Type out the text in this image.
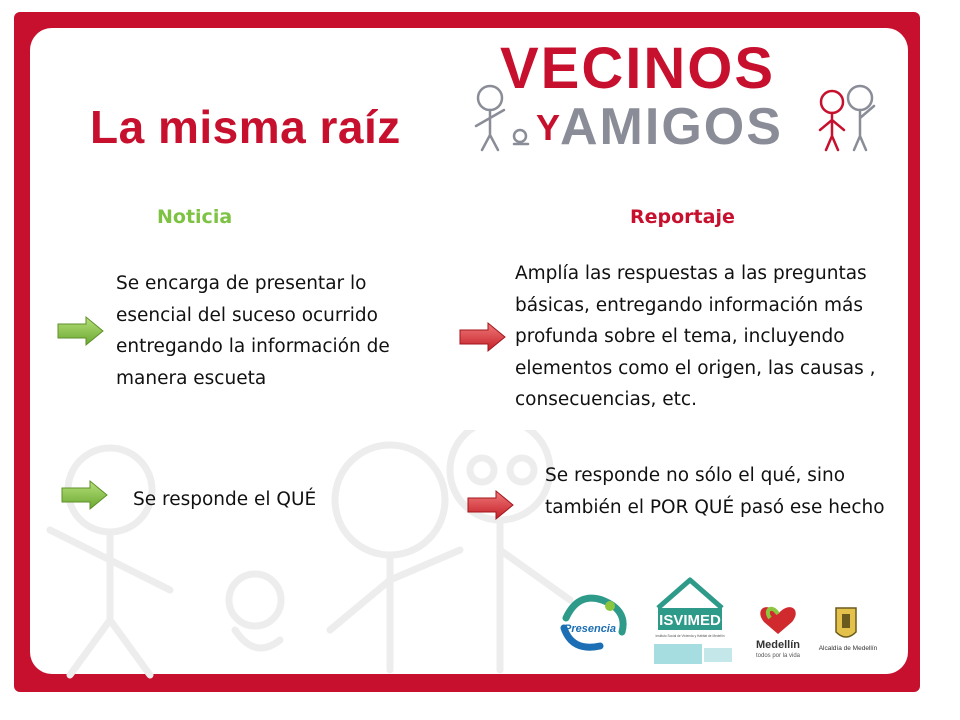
La misma raíz
VECINOS
Y AMIGOS
Noticia	Reportaje
Se encarga de presentar lo esencial del suceso ocurrido entregando la información de manera escueta
Amplía las respuestas a las preguntas básicas, entregando información más profunda sobre el tema, incluyendo elementos como el origen, las causas , consecuencias, etc.
Se responde el QUÉ
Se responde no sólo el qué, sino también el POR QUÉ pasó ese hecho
Presencia	ISVIMED
Instituto Social de Vivienda y Hábitat de Medellín
Medellín
todos por la vida
Alcaldía de Medellín
